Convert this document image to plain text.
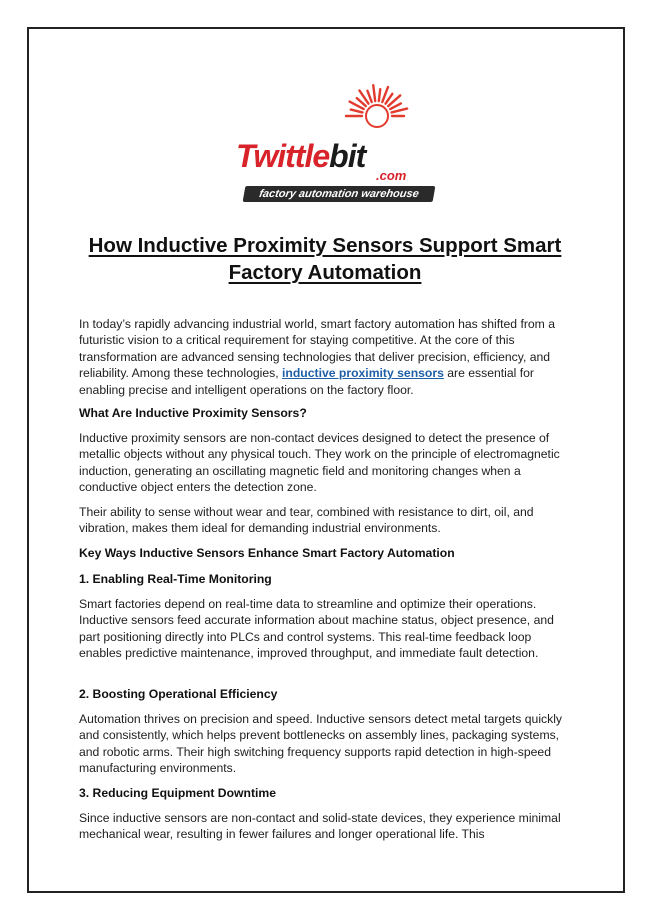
Twittlebit
.com
factory automation warehouse
How Inductive Proximity Sensors Support Smart Factory Automation

In today’s rapidly advancing industrial world, smart factory automation has shifted from a futuristic vision to a critical requirement for staying competitive. At the core of this transformation are advanced sensing technologies that deliver precision, efficiency, and reliability. Among these technologies, inductive proximity sensors are essential for enabling precise and intelligent operations on the factory floor.

What Are Inductive Proximity Sensors?

Inductive proximity sensors are non-contact devices designed to detect the presence of metallic objects without any physical touch. They work on the principle of electromagnetic induction, generating an oscillating magnetic field and monitoring changes when a conductive object enters the detection zone.

Their ability to sense without wear and tear, combined with resistance to dirt, oil, and vibration, makes them ideal for demanding industrial environments.

Key Ways Inductive Sensors Enhance Smart Factory Automation
1. Enabling Real-Time Monitoring

Smart factories depend on real-time data to streamline and optimize their operations. Inductive sensors feed accurate information about machine status, object presence, and part positioning directly into PLCs and control systems. This real-time feedback loop enables predictive maintenance, improved throughput, and immediate fault detection.

2. Boosting Operational Efficiency

Automation thrives on precision and speed. Inductive sensors detect metal targets quickly and consistently, which helps prevent bottlenecks on assembly lines, packaging systems, and robotic arms. Their high switching frequency supports rapid detection in high-speed manufacturing environments.

3. Reducing Equipment Downtime

Since inductive sensors are non-contact and solid-state devices, they experience minimal mechanical wear, resulting in fewer failures and longer operational life. This
